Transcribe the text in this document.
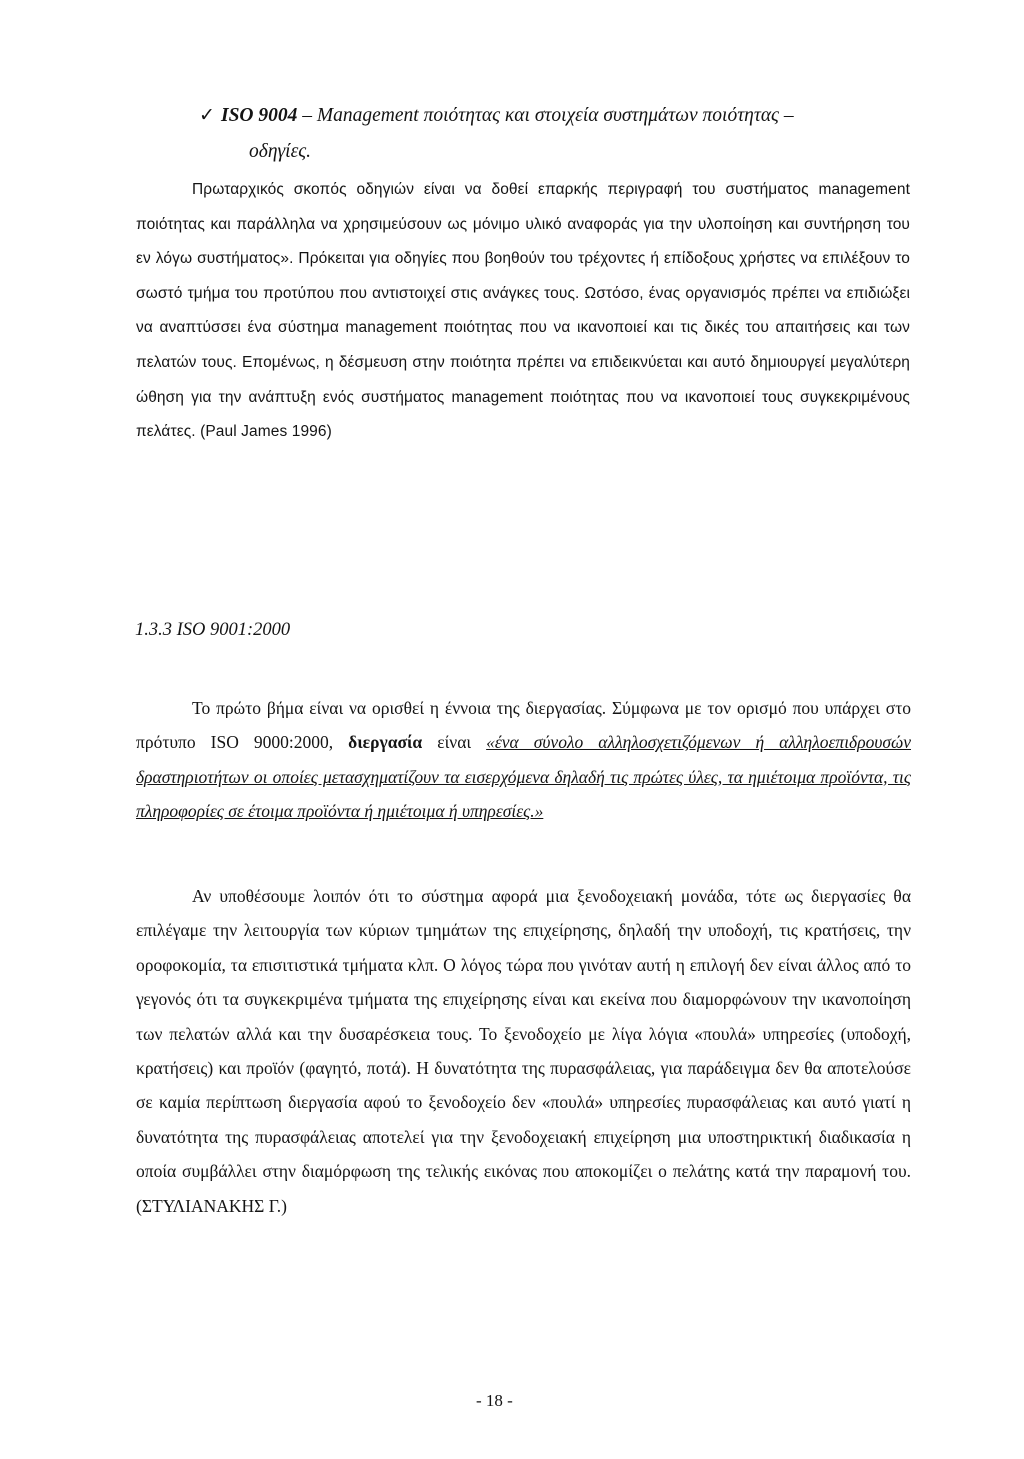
✓ ISO 9004 – Management ποιότητας και στοιχεία συστημάτων ποιότητας –
οδηγίες.
Πρωταρχικός σκοπός οδηγιών είναι να δοθεί επαρκής περιγραφή του συστήματος management ποιότητας και παράλληλα να χρησιμεύσουν ως μόνιμο υλικό αναφοράς για την υλοποίηση και συντήρηση του εν λόγω συστήματος». Πρόκειται για οδηγίες που βοηθούν του τρέχοντες ή επίδοξους χρήστες να επιλέξουν το σωστό τμήμα του προτύπου που αντιστοιχεί στις ανάγκες τους. Ωστόσο, ένας οργανισμός πρέπει να επιδιώξει να αναπτύσσει ένα σύστημα management ποιότητας που να ικανοποιεί και τις δικές του απαιτήσεις και των πελατών τους. Επομένως, η δέσμευση στην ποιότητα πρέπει να επιδεικνύεται και αυτό δημιουργεί μεγαλύτερη ώθηση για την ανάπτυξη ενός συστήματος management ποιότητας που να ικανοποιεί τους συγκεκριμένους πελάτες. (Paul James 1996)
1.3.3 ISO 9001:2000
Το πρώτο βήμα είναι να ορισθεί η έννοια της διεργασίας. Σύμφωνα με τον ορισμό που υπάρχει στο πρότυπο ISO 9000:2000, διεργασία είναι «ένα σύνολο αλληλοσχετιζόμενων ή αλληλοεπιδρουσών δραστηριοτήτων οι οποίες μετασχηματίζουν τα εισερχόμενα δηλαδή τις πρώτες ύλες, τα ημιέτοιμα προϊόντα, τις πληροφορίες σε έτοιμα προϊόντα ή ημιέτοιμα ή υπηρεσίες.»
Αν υποθέσουμε λοιπόν ότι το σύστημα αφορά μια ξενοδοχειακή μονάδα, τότε ως διεργασίες θα επιλέγαμε την λειτουργία των κύριων τμημάτων της επιχείρησης, δηλαδή την υποδοχή, τις κρατήσεις, την οροφοκομία, τα επισιτιστικά τμήματα κλπ. Ο λόγος τώρα που γινόταν αυτή η επιλογή δεν είναι άλλος από το γεγονός ότι τα συγκεκριμένα τμήματα της επιχείρησης είναι και εκείνα που διαμορφώνουν την ικανοποίηση των πελατών αλλά και την δυσαρέσκεια τους. Το ξενοδοχείο με λίγα λόγια «πουλά» υπηρεσίες (υποδοχή, κρατήσεις) και προϊόν (φαγητό, ποτά). Η δυνατότητα της πυρασφάλειας, για παράδειγμα δεν θα αποτελούσε σε καμία περίπτωση διεργασία αφού το ξενοδοχείο δεν «πουλά» υπηρεσίες πυρασφάλειας και αυτό γιατί η δυνατότητα της πυρασφάλειας αποτελεί για την ξενοδοχειακή επιχείρηση μια υποστηρικτική διαδικασία η οποία συμβάλλει στην διαμόρφωση της τελικής εικόνας που αποκομίζει ο πελάτης κατά την παραμονή του. (ΣΤΥΛΙΑΝΑΚΗΣ Γ.)
- 18 -
